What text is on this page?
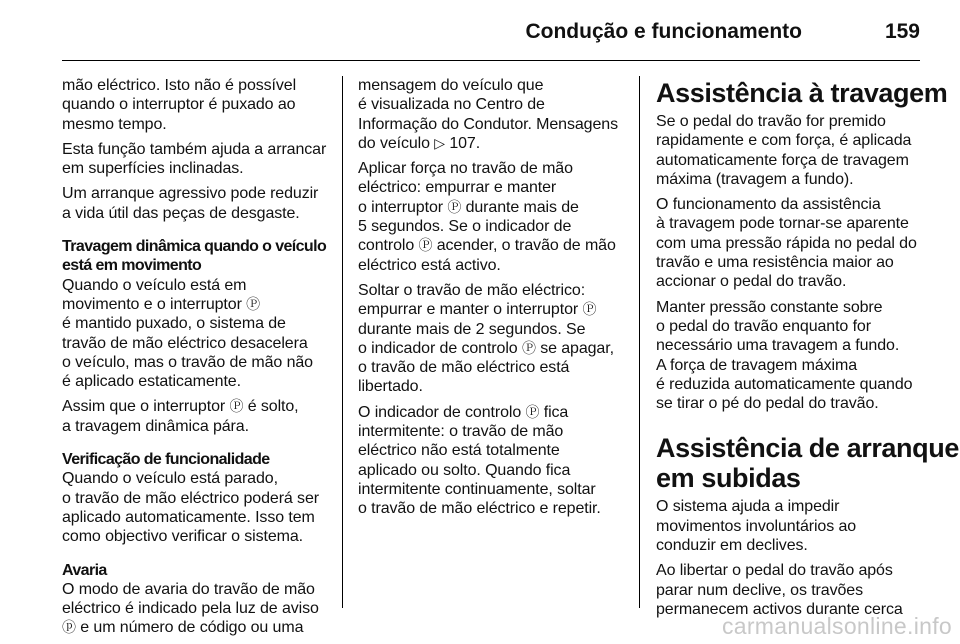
Condução e funcionamento	159

mão eléctrico. Isto não é possível
quando o interruptor é puxado ao
mesmo tempo.

Esta função também ajuda a arrancar
em superfícies inclinadas.

Um arranque agressivo pode reduzir
a vida útil das peças de desgaste.

Travagem dinâmica quando o veículo
está em movimento

Quando o veículo está em
movimento e o interruptor Ⓟ
é mantido puxado, o sistema de
travão de mão eléctrico desacelera
o veículo, mas o travão de mão não
é aplicado estaticamente.

Assim que o interruptor Ⓟ é solto,
a travagem dinâmica pára.

Verificação de funcionalidade

Quando o veículo está parado,
o travão de mão eléctrico poderá ser
aplicado automaticamente. Isso tem
como objectivo verificar o sistema.

Avaria

O modo de avaria do travão de mão
eléctrico é indicado pela luz de aviso
ⓟ e um número de código ou uma

mensagem do veículo que
é visualizada no Centro de
Informação do Condutor. Mensagens
do veículo ▷ 107.

Aplicar força no travão de mão
eléctrico: empurrar e manter
o interruptor Ⓟ durante mais de
5 segundos. Se o indicador de
controlo Ⓟ acender, o travão de mão
eléctrico está activo.

Soltar o travão de mão eléctrico:
empurrar e manter o interruptor Ⓟ
durante mais de 2 segundos. Se
o indicador de controlo Ⓟ se apagar,
o travão de mão eléctrico está
libertado.

O indicador de controlo Ⓟ fica
intermitente: o travão de mão
eléctrico não está totalmente
aplicado ou solto. Quando fica
intermitente continuamente, soltar
o travão de mão eléctrico e repetir.

Assistência à travagem

Se o pedal do travão for premido
rapidamente e com força, é aplicada
automaticamente força de travagem
máxima (travagem a fundo).

O funcionamento da assistência
à travagem pode tornar-se aparente
com uma pressão rápida no pedal do
travão e uma resistência maior ao
accionar o pedal do travão.

Manter pressão constante sobre
o pedal do travão enquanto for
necessário uma travagem a fundo.
A força de travagem máxima
é reduzida automaticamente quando
se tirar o pé do pedal do travão.

Assistência de arranque
em subidas

O sistema ajuda a impedir
movimentos involuntários ao
conduzir em declives.

Ao libertar o pedal do travão após
parar num declive, os travões
permanecem activos durante cerca

carmanualsonline.info
